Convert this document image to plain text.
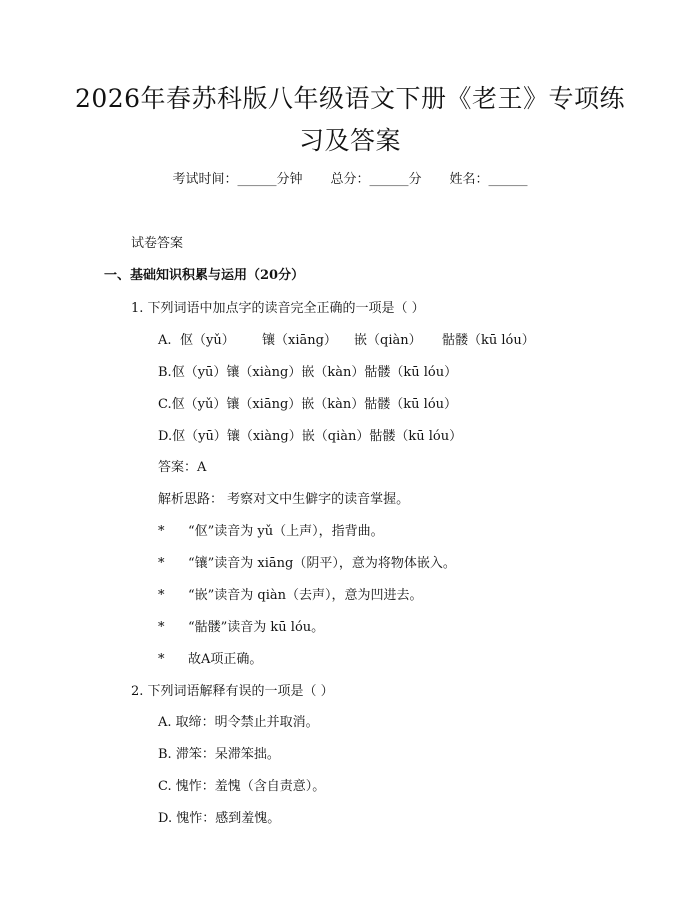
2026年春苏科版八年级语文下册《老王》专项练习及答案
考试时间：______分钟 总分：______分 姓名：______
试卷答案
一、基础知识积累与运用（20分）
1. 下列词语中加点字的读音完全正确的一项是（ ）
A. 伛（yǔ） 镶（xiāng） 嵌（qiàn） 骷髅（kū lóu）
B.伛（yū）镶（xiàng）嵌（kàn）骷髅（kū lóu）
C.伛（yǔ）镶（xiāng）嵌（kàn）骷髅（kū lóu）
D.伛（yū）镶（xiàng）嵌（qiàn）骷髅（kū lóu）
答案：A
解析思路： 考察对文中生僻字的读音掌握。
* “伛”读音为 yǔ（上声），指背曲。
* “镶”读音为 xiāng（阴平），意为将物体嵌入。
* “嵌”读音为 qiàn（去声），意为凹进去。
* “骷髅”读音为 kū lóu。
* 故A项正确。
2. 下列词语解释有误的一项是（ ）
A. 取缔：明令禁止并取消。
B. 滞笨：呆滞笨拙。
C. 愧怍：羞愧（含自责意）。
D. 愧怍：感到羞愧。
